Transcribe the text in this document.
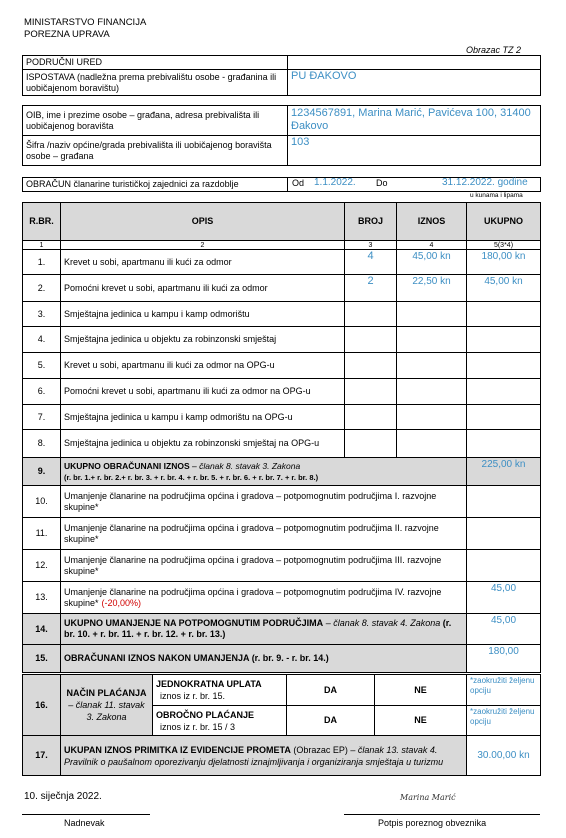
MINISTARSTVO FINANCIJA
POREZNA UPRAVA
Obrazac TZ 2
PODRUČNI URED	
ISPOSTAVA (nadležna prema prebivalištu osobe - građanina ili uobičajenom boravištu)	PU ĐAKOVO
OIB, ime i prezime osobe – građana, adresa prebivališta ili uobičajenog boravišta	1234567891, Marina Marić, Pavićeva 100, 31400 Đakovo
Šifra /naziv općine/grada prebivališta ili uobičajenog boravišta osobe – građana	103
OBRAČUN članarine turističkoj zajednici za razdoblje	Od 1.1.2022. Do	31.12.2022. godine
u kunama i lipama
R.BR.	OPIS	BROJ	IZNOS	UKUPNO
1	2	3	4	5(3*4)
1.	Krevet u sobi, apartmanu ili kući za odmor	4	45,00 kn	180,00 kn
2.	Pomoćni krevet u sobi, apartmanu ili kući za odmor	2	22,50 kn	45,00 kn
3.	Smještajna jedinica u kampu i kamp odmorištu			
4.	Smještajna jedinica u objektu za robinzonski smještaj			
5.	Krevet u sobi, apartmanu ili kući za odmor na OPG-u			
6.	Pomoćni krevet u sobi, apartmanu ili kući za odmor na OPG-u			
7.	Smještajna jedinica u kampu i kamp odmorištu na OPG-u			
8.	Smještajna jedinica u objektu za robinzonski smještaj na OPG-u			
9.	UKUPNO OBRAČUNANI IZNOS – članak 8. stavak 3. Zakona
(r. br. 1.+ r. br. 2.+ r. br. 3. + r. br. 4. + r. br. 5. + r. br. 6. + r. br. 7. + r. br. 8.)			225,00 kn
10.	Umanjenje članarine na područjima općina i gradova – potpomognutim područjima I. razvojne skupine*			
11.	Umanjenje članarine na područjima općina i gradova – potpomognutim područjima II. razvojne skupine*			
12.	Umanjenje članarine na područjima općina i gradova – potpomognutim područjima III. razvojne skupine*			
13.	Umanjenje članarine na područjima općina i gradova – potpomognutim područjima IV. razvojne skupine* (-20,00%)			45,00
14.	UKUPNO UMANJENJE NA POTPOMOGNUTIM PODRUČJIMA – članak 8. stavak 4. Zakona (r. br. 10. + r. br. 11. + r. br. 12. + r. br. 13.)			45,00
15.	OBRAČUNANI IZNOS NAKON UMANJENJA (r. br. 9. - r. br. 14.)			180,00
16.	NAČIN PLAĆANJA – članak 11. stavak 3. Zakona	JEDNOKRATNA UPLATA
iznos iz r. br. 15.	DA	NE	*zaokružiti željenu opciju

		OBROČNO PLAĆANJE
iznos iz r. br. 15 / 3	DA	NE	*zaokružiti željenu opciju
17.	UKUPAN IZNOS PRIMITKA IZ EVIDENCIJE PROMETA (Obrazac EP) – članak 13. stavak 4. Pravilnik o paušalnom oporezivanju djelatnosti iznajmljivanja i organiziranja smještaja u turizmu	30.00,00 kn
10. siječnja 2022.
Nadnevak
Marina Marić
Potpis poreznog obveznika
